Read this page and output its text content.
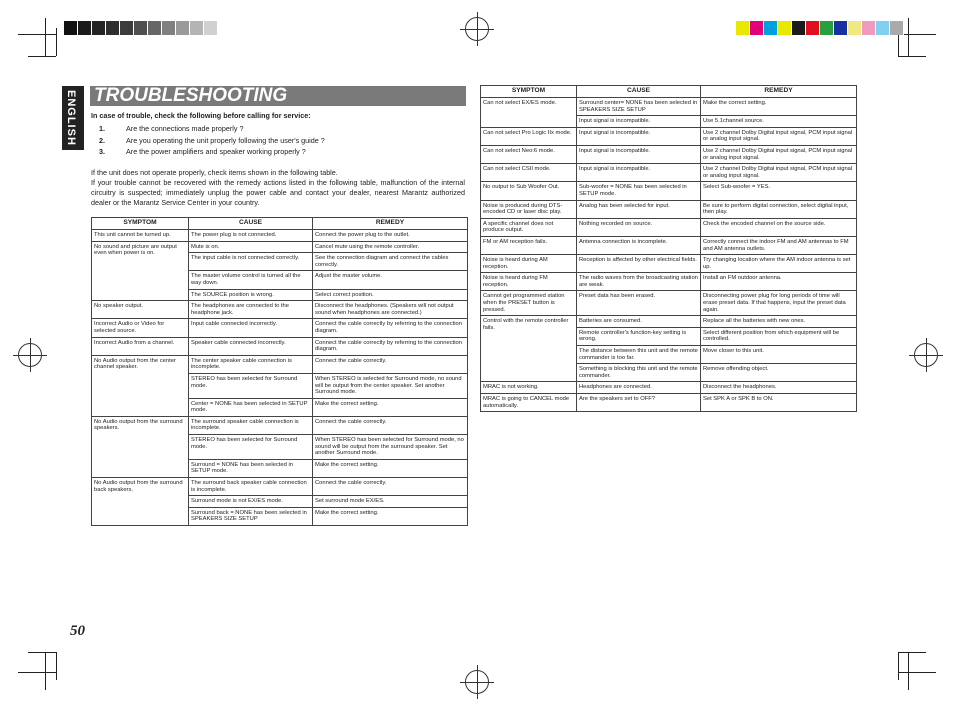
ENGLISH TROUBLESHOOTING
In case of trouble, check the following before calling for service:
1.	Are the connections made properly ?
2.	Are you operating the unit properly following the user's guide ?
3.	Are the power amplifiers and speaker working properly ?
If the unit does not operate properly, check items shown in the following table.
If your trouble cannot be recovered with the remedy actions listed in the following table, malfunction of the internal circuitry is suspected; immediately unplug the power cable and contact your dealer, nearest Marantz authorized dealer or the Marantz Service Center in your country.
SYMPTOM	CAUSE	REMEDY
This unit cannot be turned up.	The power plug is not connected.	Connect the power plug to the outlet.
No sound and picture are output even when power is on.	Mute is on.	Cancel mute using the remote controller.
	The input cable is not connected correctly.	See the connection diagram and connect the cables correctly.
	The master volume control is turned all the way down.	Adjust the master volume.
	The SOURCE position is wrong.	Select correct position.
No speaker output.	The headphones are connected to the headphone jack.	Disconnect the headphones. (Speakers will not output sound when headphones are connected.)
Incorrect Audio or Video for selected source.	Input cable connected incorrectly.	Connect the cable correctly by referring to the connection diagram.
Incorrect Audio from a channel.	Speaker cable connected incorrectly.	Connect the cable correctly by referring to the connection diagram.
No Audio output from the center channel speaker.	The center speaker cable connection is incomplete.	Connect the cable correctly.
	STEREO has been selected for Surround mode.	When STEREO is selected for Surround mode, no sound will be output from the center speaker. Set another Surround mode.
	Center = NONE has been selected in SETUP mode.	Make the correct setting.
No Audio output from the surround speakers.	The surround speaker cable connection is incomplete.	Connect the cable correctly.
	STEREO has been selected for Surround mode.	When STEREO has been selected for Surround mode, no sound will be output from the surround speaker. Set another Surround mode.
	Surround = NONE has been selected in SETUP mode.	Make the correct setting.
No Audio output from the surround back speakers.	The surround back speaker cable connection is incomplete.	Connect the cable correctly.
	Surround mode is not EX/ES mode.	Set surround mode EX/ES.
	Surround back = NONE has been selected in SPEAKERS SIZE SETUP	Make the correct setting.
SYMPTOM	CAUSE	REMEDY
Can not select EX/ES mode.	Surround center= NONE has been selected in SPEAKERS SIZE SETUP	Make the correct setting.
	Input signal is incompatible.	Use 5.1channel source.
Can not select Pro Logic IIx mode.	Input signal is incompatible.	Use 2 channel Dolby Digital input signal, PCM input signal or analog input signal.
Can not select Neo:6 mode.	Input signal is incompatible.	Use 2 channel Dolby Digital input signal, PCM input signal or analog input signal.
Can not select CSII mode.	Input signal is incompatible.	Use 2 channel Dolby Digital input signal, PCM input signal or analog input signal.
No output to Sub Woofer Out.	Sub-woofer = NONE has been selected in SETUP mode.	Select Sub-woofer = YES.
Noise is produced during DTS-encoded CD or laser disc play.	Analog has been selected for input.	Be sure to perform digital connection, select digital input, then play.
A specific channel does not produce output.	Nothing recorded on source.	Check the encoded channel on the source side.
FM or AM reception fails.	Antenna connection is incomplete.	Correctly connect the indoor FM and AM antennas to FM and AM antenna outlets.
Noise is heard during AM reception.	Reception is affected by other electrical fields.	Try changing location where the AM indoor antenna is set up.
Noise is heard during FM reception.	The radio waves from the broadcasting station are weak.	Install an FM outdoor antenna.
Cannot get programmed station when the PRESET button is pressed.	Preset data has been erased.	Disconnecting power plug for long periods of time will erase preset data. If that happens, input the preset data again.
Control with the remote controller fails.	Batteries are consumed.	Replace all the batteries with new ones.
	Remote controller's function-key setting is wrong.	Select different position from which equipment will be controlled.
	The distance between this unit and the remote commander is too far.	Move closer to this unit.
	Something is blocking this unit and the remote commander.	Remove offending object.
MRAC is not working.	Headphones are connected.	Disconnect the headphones.
MRAC is going to CANCEL mode automatically.	Are the speakers set to OFF?	Set SPK A or SPK B to ON.
50
